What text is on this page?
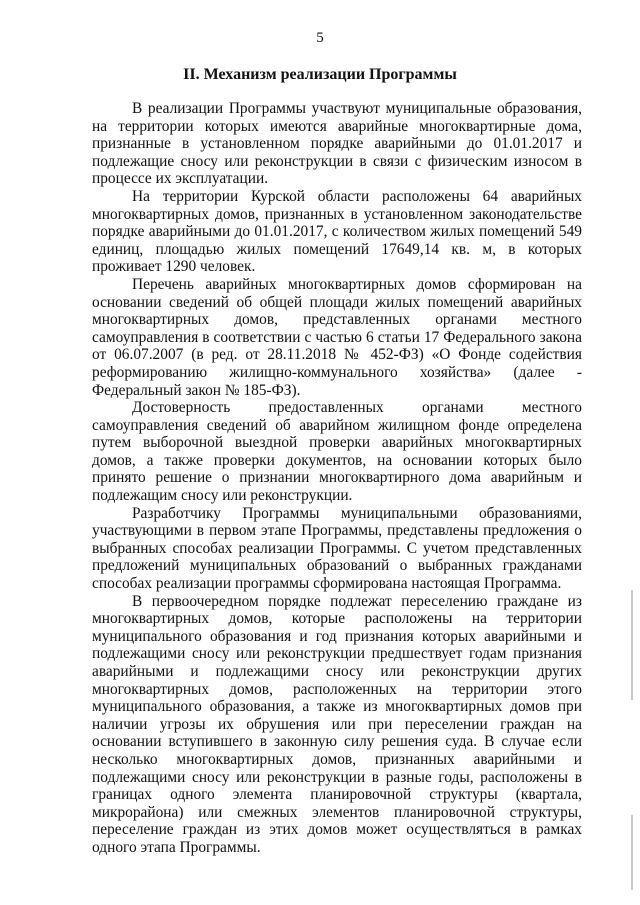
5
II. Механизм реализации Программы

В реализации Программы участвуют муниципальные образования, на территории которых имеются аварийные многоквартирные дома, признанные в установленном порядке аварийными до 01.01.2017 и подлежащие сносу или реконструкции в связи с физическим износом в процессе их эксплуатации.

На территории Курской области расположены 64 аварийных многоквартирных домов, признанных в установленном законодательстве порядке аварийными до 01.01.2017, с количеством жилых помещений 549 единиц, площадью жилых помещений 17649,14 кв. м, в которых проживает 1290 человек.

Перечень аварийных многоквартирных домов сформирован на основании сведений об общей площади жилых помещений аварийных многоквартирных домов, представленных органами местного самоуправления в соответствии с частью 6 статьи 17 Федерального закона от 06.07.2007 (в ред. от 28.11.2018 № 452-ФЗ) «О Фонде содействия реформированию жилищно-коммунального хозяйства» (далее - Федеральный закон № 185-ФЗ).

Достоверность предоставленных органами местного самоуправления сведений об аварийном жилищном фонде определена путем выборочной выездной проверки аварийных многоквартирных домов, а также проверки документов, на основании которых было принято решение о признании многоквартирного дома аварийным и подлежащим сносу или реконструкции.

Разработчику Программы муниципальными образованиями, участвующими в первом этапе Программы, представлены предложения о выбранных способах реализации Программы. С учетом представленных предложений муниципальных образований о выбранных гражданами способах реализации программы сформирована настоящая Программа.

В первоочередном порядке подлежат переселению граждане из многоквартирных домов, которые расположены на территории муниципального образования и год признания которых аварийными и подлежащими сносу или реконструкции предшествует годам признания аварийными и подлежащими сносу или реконструкции других многоквартирных домов, расположенных на территории этого муниципального образования, а также из многоквартирных домов при наличии угрозы их обрушения или при переселении граждан на основании вступившего в законную силу решения суда. В случае если несколько многоквартирных домов, признанных аварийными и подлежащими сносу или реконструкции в разные годы, расположены в границах одного элемента планировочной структуры (квартала, микрорайона) или смежных элементов планировочной структуры, переселение граждан из этих домов может осуществляться в рамках одного этапа Программы.
